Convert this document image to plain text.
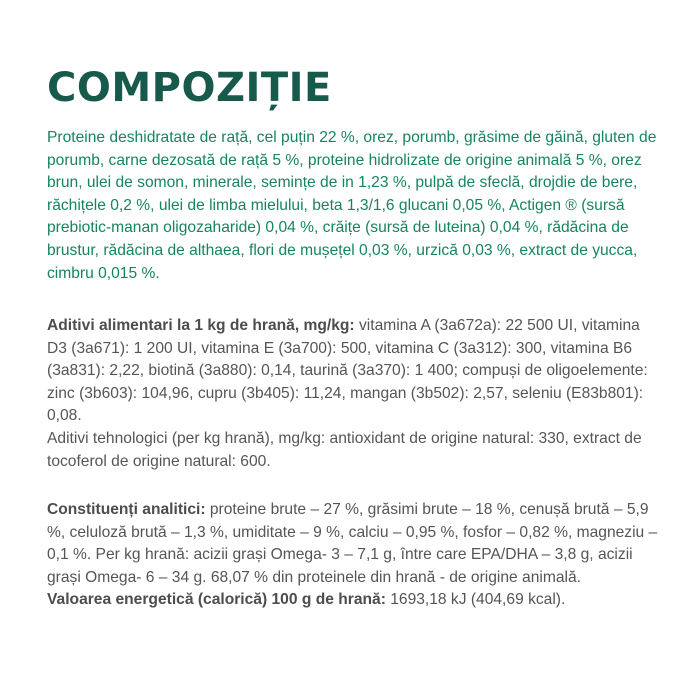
COMPOZIȚIE

Proteine deshidratate de rață, cel puțin 22 %, orez, porumb, grăsime de găină, gluten de porumb, carne dezosată de rață 5 %, proteine hidrolizate de origine animală 5 %, orez brun, ulei de somon, minerale, semințe de in 1,23 %, pulpă de sfeclă, drojdie de bere, răchițele 0,2 %, ulei de limba mielului, beta 1,3/1,6 glucani 0,05 %, Actigen ® (sursă prebiotic-manan oligozaharide) 0,04 %, crăițe (sursă de luteina) 0,04 %, rădăcina de brustur, rădăcina de althaea, flori de mușețel 0,03 %, urzică 0,03 %, extract de yucca, cimbru 0,015 %.

Aditivi alimentari la 1 kg de hrană, mg/kg: vitamina A (3a672a): 22 500 UI, vitamina D3 (3a671): 1 200 UI, vitamina E (3a700): 500, vitamina C (3a312): 300, vitamina B6 (3a831): 2,22, biotină (3a880): 0,14, taurină (3a370): 1 400; compuși de oligoelemente: zinc (3b603): 104,96, cupru (3b405): 11,24, mangan (3b502): 2,57, seleniu (E83b801): 0,08.
Aditivi tehnologici (per kg hrană), mg/kg: antioxidant de origine natural: 330, extract de tocoferol de origine natural: 600.
Constituenți analitici: proteine brute – 27 %, grăsimi brute – 18 %, cenușă brută – 5,9 %, celuloză brută – 1,3 %, umiditate – 9 %, calciu – 0,95 %, fosfor – 0,82 %, magneziu – 0,1 %. Per kg hrană: acizii grași Omega- 3 – 7,1 g, între care EPA/DHA – 3,8 g, acizii grași Omega- 6 – 34 g. 68,07 % din proteinele din hrană - de origine animală.
Valoarea energetică (calorică) 100 g de hrană: 1693,18 kJ (404,69 kcal).
